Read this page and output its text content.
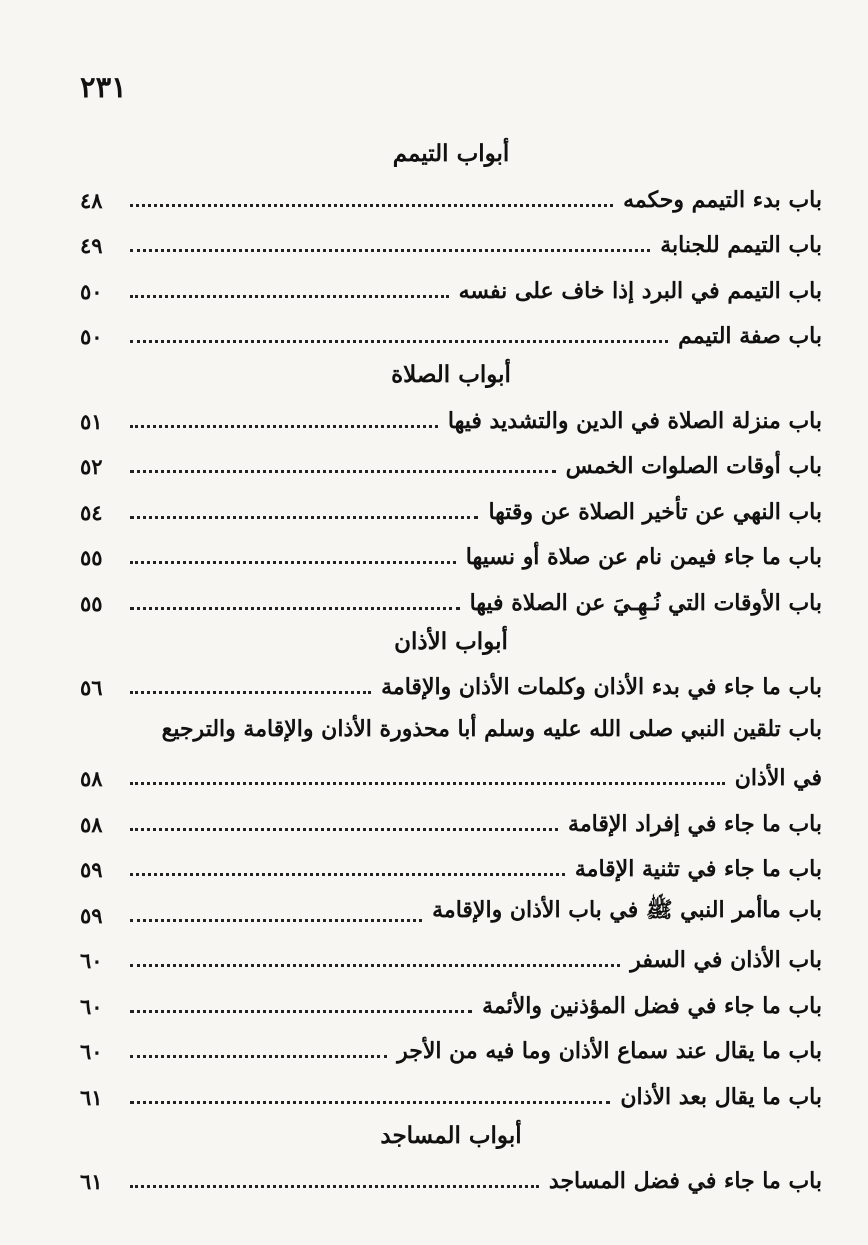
٢٣١
أبواب التيمم
باب بدء التيمم وحكمه
٤٨
باب التيمم للجنابة
٤٩
باب التيمم في البرد إذا خاف على نفسه
٥٠
باب صفة التيمم
٥٠
أبواب الصلاة
باب منزلة الصلاة في الدين والتشديد فيها
٥١
باب أوقات الصلوات الخمس
٥٢
باب النهي عن تأخير الصلاة عن وقتها
٥٤
باب ما جاء فيمن نام عن صلاة أو نسيها
٥٥
باب الأوقات التي نُـهِـيَ عن الصلاة فيها
٥٥
أبواب الأذان
باب ما جاء في بدء الأذان وكلمات الأذان والإقامة
٥٦
باب تلقين النبي صلى الله عليه وسلم أبا محذورة الأذان والإقامة والترجيع
في الأذان
٥٨
باب ما جاء في إفراد الإقامة
٥٨
باب ما جاء في تثنية الإقامة
٥٩
باب ماأمر النبي ﷺ في باب الأذان والإقامة
٥٩
باب الأذان في السفر
٦٠
باب ما جاء في فضل المؤذنين والأئمة
٦٠
باب ما يقال عند سماع الأذان وما فيه من الأجر
٦٠
باب ما يقال بعد الأذان
٦١
أبواب المساجد
باب ما جاء في فضل المساجد
٦١
